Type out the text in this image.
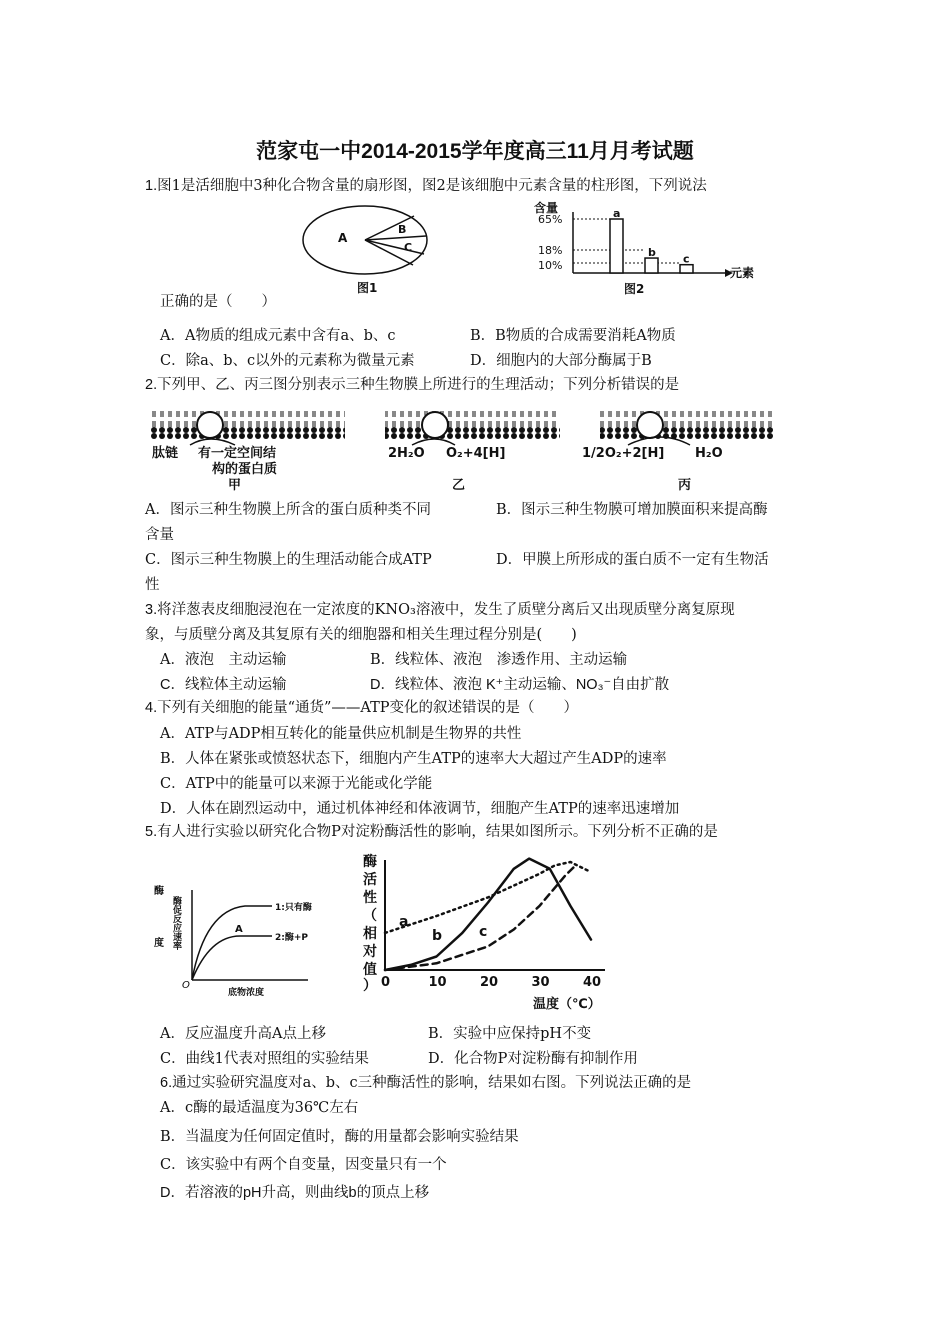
范家屯一中2014-2015学年度高三11月月考试题
1.图1是活细胞中3种化合物含量的扇形图，图2是该细胞中元素含量的柱形图，下列说法
A
B
C
图1
含量
元素
65%
18%
10%
a
b
c
图2
正确的是（　　）
A．A物质的组成元素中含有a、b、c	B．B物质的合成需要消耗A物质
C．除a、b、c以外的元素称为微量元素	D．细胞内的大部分酶属于B
2.下列甲、乙、丙三图分别表示三种生物膜上所进行的生理活动；下列分析错误的是
肽链 有一定空间结
构的蛋白质
甲
2H₂O O₂+4[H]
乙
1/2O₂+2[H] H₂O
丙
A．图示三种生物膜上所含的蛋白质种类不同	B．图示三种生物膜可增加膜面积来提高酶
含量
C．图示三种生物膜上的生理活动能合成ATP	D．甲膜上所形成的蛋白质不一定有生物活
性
3.将洋葱表皮细胞浸泡在一定浓度的KNO₃溶液中，发生了质壁分离后又出现质壁分离复原现
象，与质壁分离及其复原有关的细胞器和相关生理过程分别是(　　)
A．液泡　主动运输	B．线粒体、液泡　渗透作用、主动运输
C．线粒体主动运输	D．线粒体、液泡 K⁺主动运输、NO₃⁻自由扩散
4.下列有关细胞的能量“通货”——ATP变化的叙述错误的是（　　）
A．ATP与ADP相互转化的能量供应机制是生物界的共性
B．人体在紧张或愤怒状态下，细胞内产生ATP的速率大大超过产生ADP的速率
C．ATP中的能量可以来源于光能或化学能
D．人体在剧烈运动中，通过机体神经和体液调节，细胞产生ATP的速率迅速增加
5.有人进行实验以研究化合物P对淀粉酶活性的影响，结果如图所示。下列分析不正确的是
酶
度 酶促反应速率
O
1:只有酶
2:酶+P
A
底物浓度
酶
活
性
（
相
对
值
） 0	10	20	30	40
a
b	c
温度（℃）
A．反应温度升高A点上移	B．实验中应保持pH不变
C．曲线1代表对照组的实验结果	D．化合物P对淀粉酶有抑制作用
6.通过实验研究温度对a、b、c三种酶活性的影响，结果如右图。下列说法正确的是
A．c酶的最适温度为36℃左右
B．当温度为任何固定值时，酶的用量都会影响实验结果
C．该实验中有两个自变量，因变量只有一个
D．若溶液的pH升高，则曲线b的顶点上移
